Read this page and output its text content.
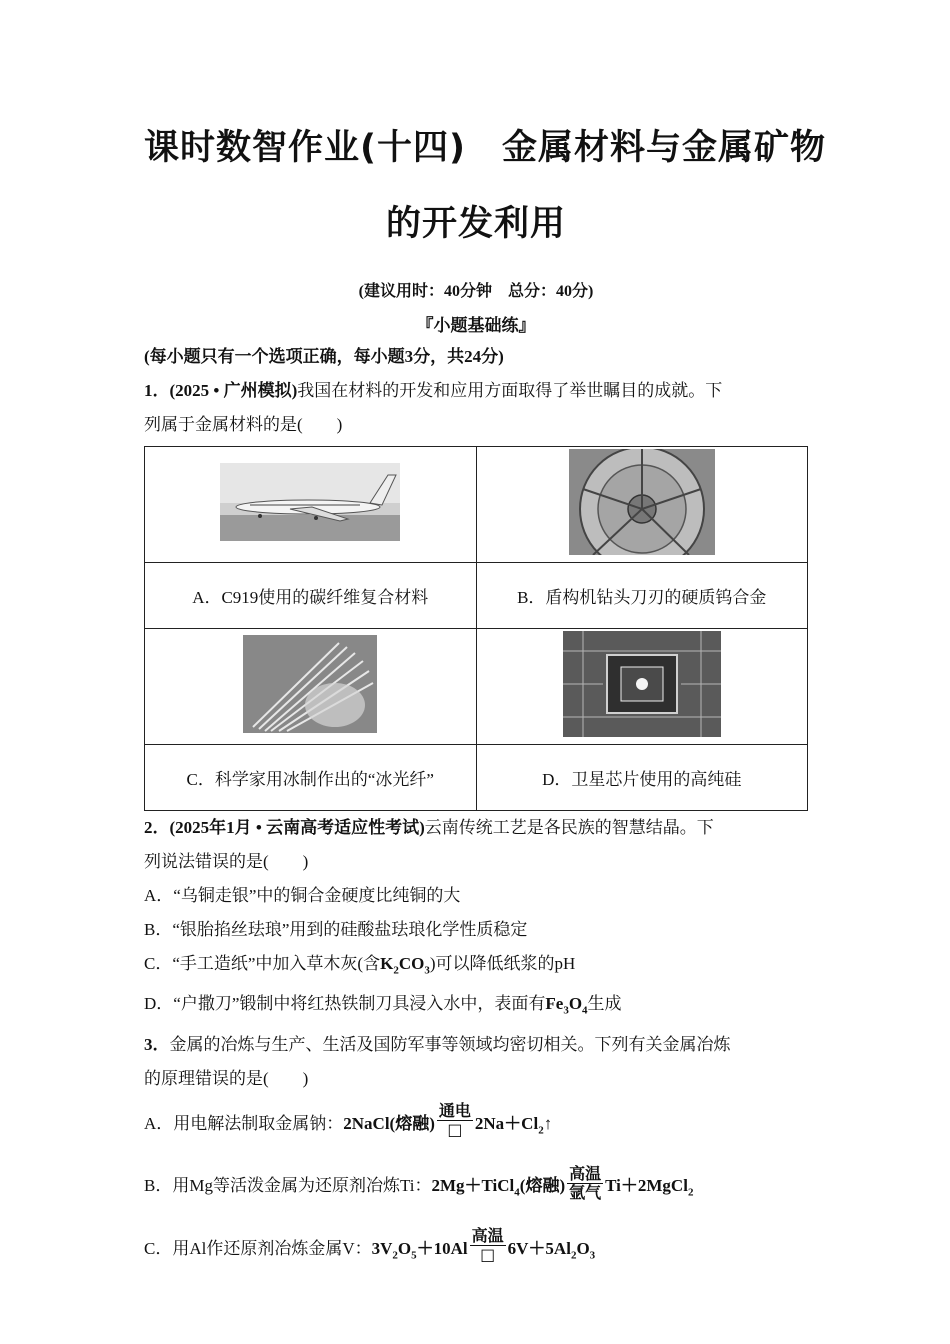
课时数智作业(十四)　金属材料与金属矿物
的开发利用
(建议用时：40分钟　总分：40分)
『小题基础练』
(每小题只有一个选项正确，每小题3分，共24分)
1．(2025 • 广州模拟)我国在材料的开发和应用方面取得了举世瞩目的成就。下
列属于金属材料的是(　　)

A．C919使用的碳纤维复合材料	B．盾构机钻头刀刃的硬质钨合金

C．科学家用冰制作出的“冰光纤”	D．卫星芯片使用的高纯硅
2．(2025年1月 • 云南高考适应性考试)云南传统工艺是各民族的智慧结晶。下
列说法错误的是(　　)
A．“乌铜走银”中的铜合金硬度比纯铜的大
B．“银胎掐丝珐琅”用到的硅酸盐珐琅化学性质稳定
C．“手工造纸”中加入草木灰(含$K_2CO_3$)可以降低纸浆的pH
D．“户撒刀”锻制中将红热铁制刀具浸入水中，表面有$Fe_3O_4$生成
3．金属的冶炼与生产、生活及国防军事等领域均密切相关。下列有关金属冶炼
的原理错误的是(　　)
A．用电解法制取金属钠：2NaCl(熔融) $\frac{\text{通电}}{□}$ $2Na+Cl_2↑$
B．用Mg等活泼金属为还原剂冶炼Ti：2Mg＋TiCl$_4$(熔融) $\frac{\text{高温}}{\text{氩气}}$ Ti＋2MgCl$_2$
C．用Al作还原剂冶炼金属V：$3V_2O_5+10Al \frac{\text{高温}}{□} 6V+5Al_2O_3$
